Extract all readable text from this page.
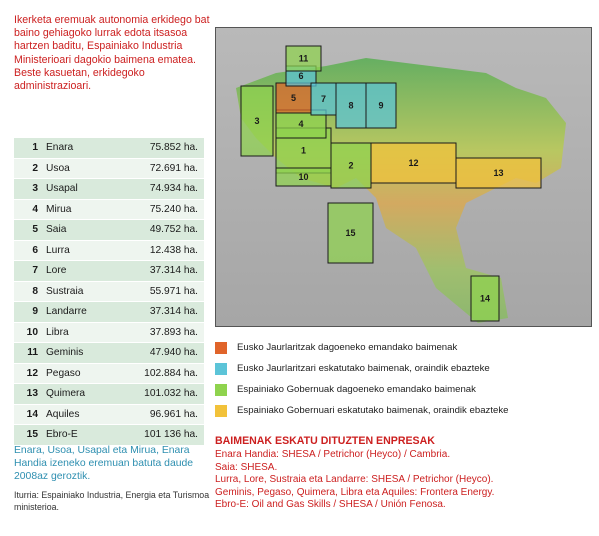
Ikerketa eremuak autonomia erkidego bat baino gehiagoko lurrak edota itsasoa hartzen baditu, Espainiako Industria Ministerioari dagokio baimena ematea. Beste kasuetan, erkidegoko administrazioari.
1	Enara	75.852 ha.
2	Usoa	72.691 ha.
3	Usapal	74.934 ha.
4	Mirua	75.240 ha.
5	Saia	49.752 ha.
6	Lurra	12.438 ha.
7	Lore	37.314 ha.
8	Sustraia	55.971 ha.
9	Landarre	37.314 ha.
10	Libra	37.893 ha.
11	Geminis	47.940 ha.
12	Pegaso	102.884 ha.
13	Quimera	101.032 ha.
14	Aquiles	96.961 ha.
15	Ebro-E	101 136 ha.
Enara, Usoa, Usapal eta Mirua, Enara Handia izeneko eremuan batuta daude 2008az geroztik.
Iturria: Espainiako Industria, Energia eta Turismoa ministerioa.
1
2
3	4
5
6
7
8	9
10
11
12
13
14
15
Eusko Jaurlaritzak dagoeneko emandako baimenak
Eusko Jaurlaritzari eskatutako baimenak, oraindik ebazteke
Espainiako Gobernuak dagoeneko emandako baimenak
Espainiako Gobernuari eskatutako baimenak, oraindik ebazteke
BAIMENAK ESKATU DITUZTEN ENPRESAK
Enara Handia: SHESA / Petrichor (Heyco) / Cambria.
Saia: SHESA.
Lurra, Lore, Sustraia eta Landarre: SHESA / Petrichor (Heyco).
Geminis, Pegaso, Quimera, Libra eta Aquiles: Frontera Energy.
Ebro-E: Oil and Gas Skills / SHESA / Unión Fenosa.
